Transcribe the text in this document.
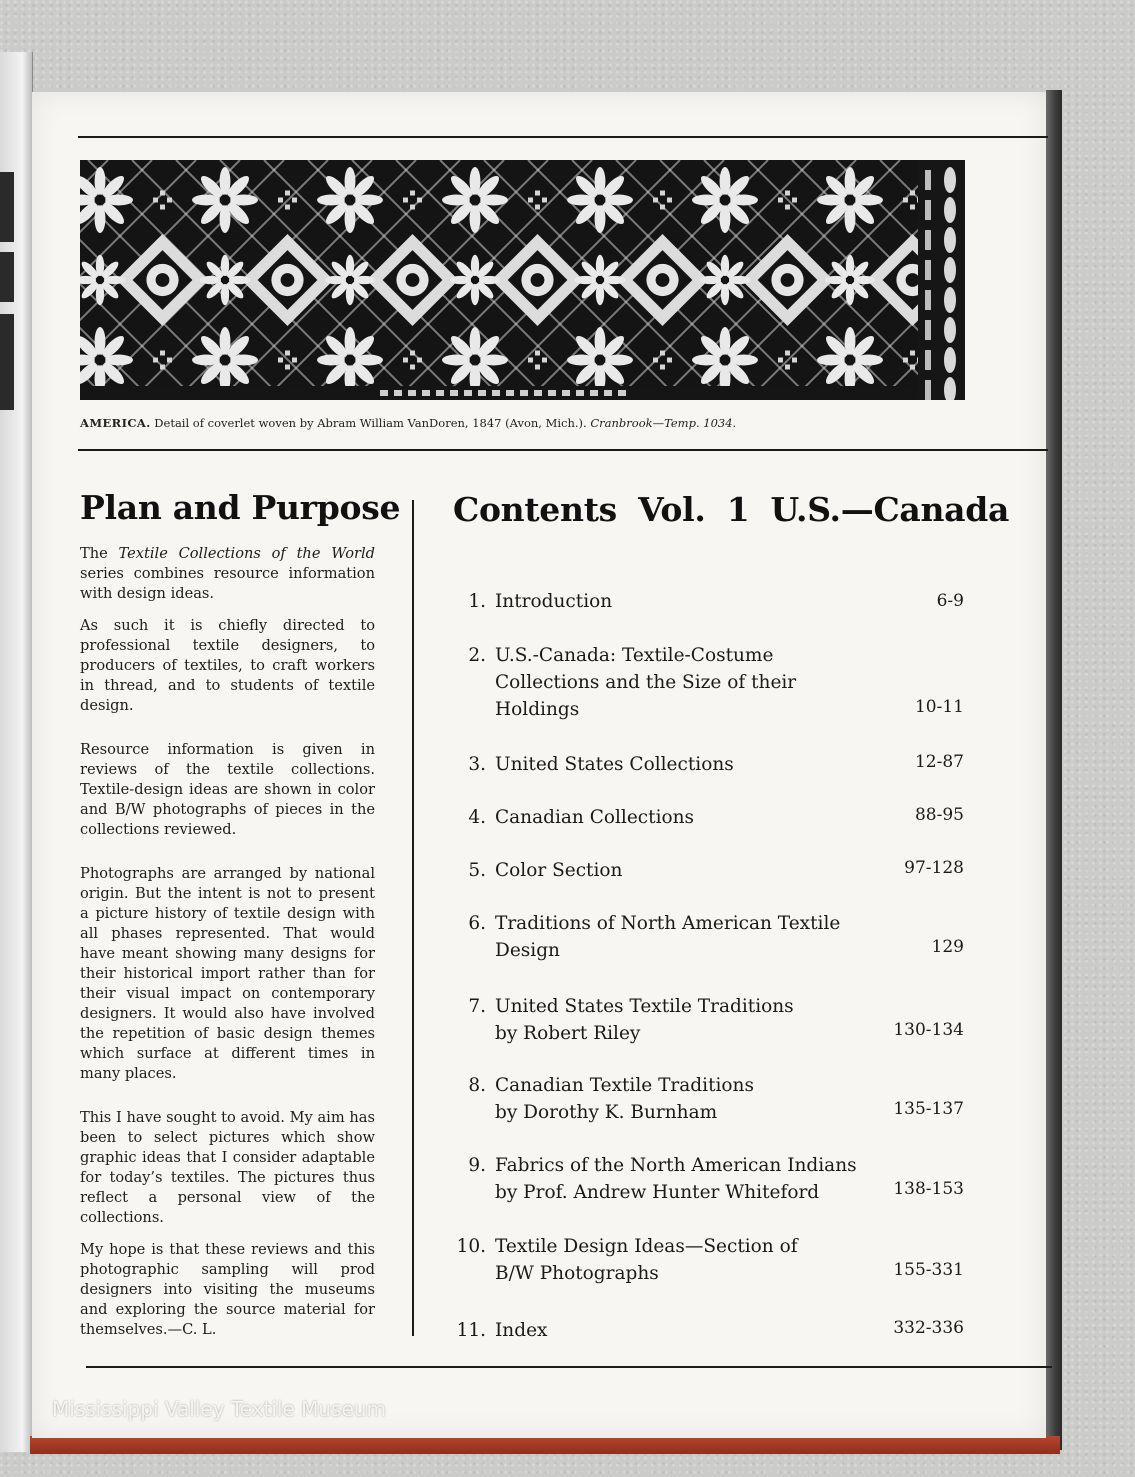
AMERICA. Detail of coverlet woven by Abram William VanDoren, 1847 (Avon, Mich.). Cranbrook—Temp. 1034.
Plan and Purpose

The Textile Collections of the World series combines resource information with design ideas.

As such it is chiefly directed to professional textile designers, to producers of textiles, to craft workers in thread, and to students of textile design.

Resource information is given in reviews of the textile collections. Textile-design ideas are shown in color and B/W photographs of pieces in the collections reviewed.

Photographs are arranged by national origin. But the intent is not to present a picture history of textile design with all phases represented. That would have meant showing many designs for their historical import rather than for their visual impact on contemporary designers. It would also have involved the repetition of basic design themes which surface at different times in many places.

This I have sought to avoid. My aim has been to select pictures which show graphic ideas that I consider adaptable for today’s textiles. The pictures thus reflect a personal view of the collections.

My hope is that these reviews and this photographic sampling will prod designers into visiting the museums and exploring the source material for themselves.—C. L.

Contents Vol. 1 U.S.—Canada
1. Introduction	6-9
2. U.S.-Canada: Textile-Costume
Collections and the Size of their
Holdings	10-11
3. United States Collections	12-87
4. Canadian Collections	88-95
5. Color Section	97-128
6. Traditions of North American Textile
Design	129
7. United States Textile Traditions
by Robert Riley	130-134
8. Canadian Textile Traditions
by Dorothy K. Burnham	135-137
9. Fabrics of the North American Indians
by Prof. Andrew Hunter Whiteford	138-153
10. Textile Design Ideas—Section of
B/W Photographs	155-331
11. Index	332-336
Mississippi Valley Textile Museum
